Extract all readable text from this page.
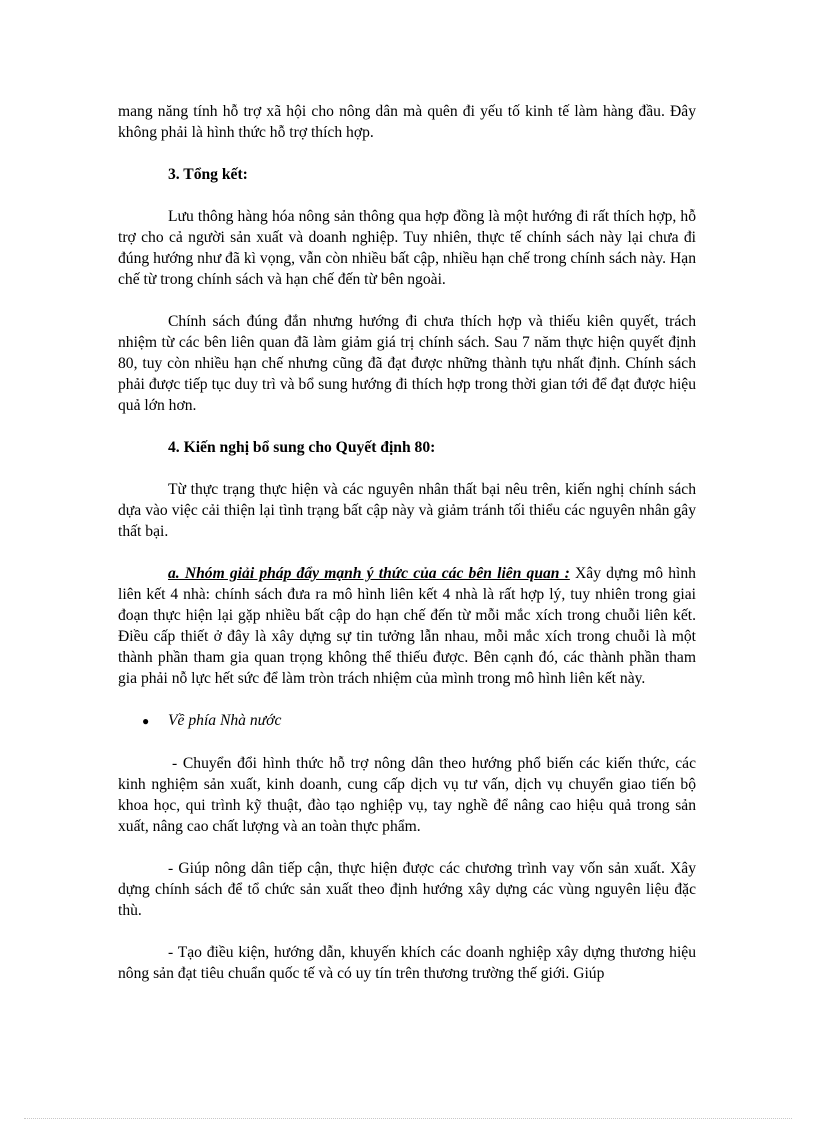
mang năng tính hỗ trợ xã hội cho nông dân mà quên đi yếu tố kinh tế làm hàng đầu. Đây không phải là hình thức hỗ trợ thích hợp.

3. Tổng kết:

Lưu thông hàng hóa nông sản thông qua hợp đồng là một hướng đi rất thích hợp, hỗ trợ cho cả người sản xuất và doanh nghiệp. Tuy nhiên, thực tế chính sách này lại chưa đi đúng hướng như đã kì vọng, vẫn còn nhiều bất cập, nhiều hạn chế trong chính sách này. Hạn chế từ trong chính sách và hạn chế đến từ bên ngoài.

Chính sách đúng đắn nhưng hướng đi chưa thích hợp và thiếu kiên quyết, trách nhiệm từ các bên liên quan đã làm giảm giá trị chính sách. Sau 7 năm thực hiện quyết định 80, tuy còn nhiều hạn chế nhưng cũng đã đạt được những thành tựu nhất định. Chính sách phải được tiếp tục duy trì và bổ sung hướng đi thích hợp trong thời gian tới để đạt được hiệu quả lớn hơn.

4. Kiến nghị bổ sung cho Quyết định 80:

Từ thực trạng thực hiện và các nguyên nhân thất bại nêu trên, kiến nghị chính sách dựa vào việc cải thiện lại tình trạng bất cập này và giảm tránh tối thiểu các nguyên nhân gây thất bại.

a. Nhóm giải pháp đẩy mạnh ý thức của các bên liên quan : Xây dựng mô hình liên kết 4 nhà: chính sách đưa ra mô hình liên kết 4 nhà là rất hợp lý, tuy nhiên trong giai đoạn thực hiện lại gặp nhiều bất cập do hạn chế đến từ mỗi mắc xích trong chuỗi liên kết. Điều cấp thiết ở đây là xây dựng sự tin tưởng lẫn nhau, mỗi mắc xích trong chuỗi là một thành phần tham gia quan trọng không thể thiếu được. Bên cạnh đó, các thành phần tham gia phải nỗ lực hết sức để làm tròn trách nhiệm của mình trong mô hình liên kết này.

●	Về phía Nhà nước

- Chuyển đổi hình thức hỗ trợ nông dân theo hướng phổ biến các kiến thức, các kinh nghiệm sản xuất, kinh doanh, cung cấp dịch vụ tư vấn, dịch vụ chuyển giao tiến bộ khoa học, qui trình kỹ thuật, đào tạo nghiệp vụ, tay nghề để nâng cao hiệu quả trong sản xuất, nâng cao chất lượng và an toàn thực phẩm.

- Giúp nông dân tiếp cận, thực hiện được các chương trình vay vốn sản xuất. Xây dựng chính sách để tổ chức sản xuất theo định hướng xây dựng các vùng nguyên liệu đặc thù.

- Tạo điều kiện, hướng dẫn, khuyến khích các doanh nghiệp xây dựng thương hiệu nông sản đạt tiêu chuẩn quốc tế và có uy tín trên thương trường thế giới. Giúp
